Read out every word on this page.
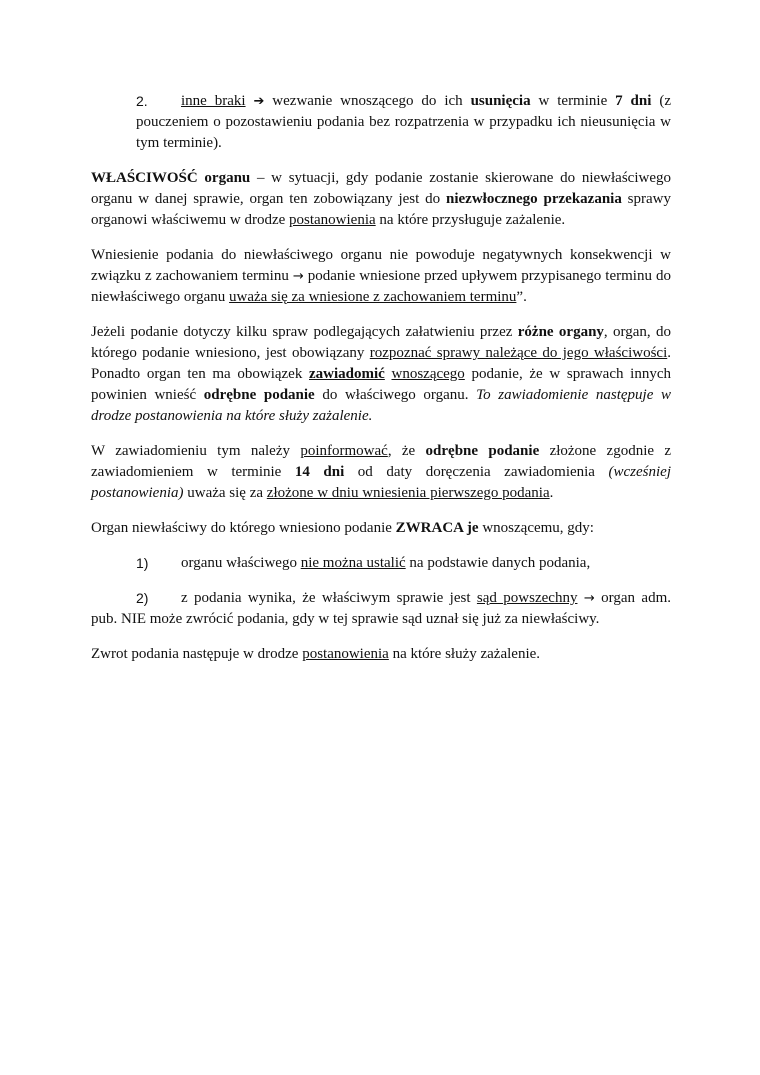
2. inne braki ➔ wezwanie wnoszącego do ich usunięcia w terminie 7 dni (z pouczeniem o pozostawieniu podania bez rozpatrzenia w przypadku ich nieusunięcia w tym terminie).

WŁAŚCIWOŚĆ organu – w sytuacji, gdy podanie zostanie skierowane do niewłaściwego organu w danej sprawie, organ ten zobowiązany jest do niezwłocznego przekazania sprawy organowi właściwemu w drodze postanowienia na które przysługuje zażalenie.

Wniesienie podania do niewłaściwego organu nie powoduje negatywnych konsekwencji w związku z zachowaniem terminu → podanie wniesione przed upływem przypisanego terminu do niewłaściwego organu uważa się za wniesione z zachowaniem terminu”.

Jeżeli podanie dotyczy kilku spraw podlegających załatwieniu przez różne organy, organ, do którego podanie wniesiono, jest obowiązany rozpoznać sprawy należące do jego właściwości. Ponadto organ ten ma obowiązek zawiadomić wnoszącego podanie, że w sprawach innych powinien wnieść odrębne podanie do właściwego organu. To zawiadomienie następuje w drodze postanowienia na które służy zażalenie.

W zawiadomieniu tym należy poinformować, że odrębne podanie złożone zgodnie z zawiadomieniem w terminie 14 dni od daty doręczenia zawiadomienia (wcześniej postanowienia) uważa się za złożone w dniu wniesienia pierwszego podania.

Organ niewłaściwy do którego wniesiono podanie ZWRACA je wnoszącemu, gdy:

1)	organu właściwego nie można ustalić na podstawie danych podania,
2)	z podania wynika, że właściwym sprawie jest sąd powszechny → organ adm. pub. NIE może zwrócić podania, gdy w tej sprawie sąd uznał się już za niewłaściwy.

Zwrot podania następuje w drodze postanowienia na które służy zażalenie.
